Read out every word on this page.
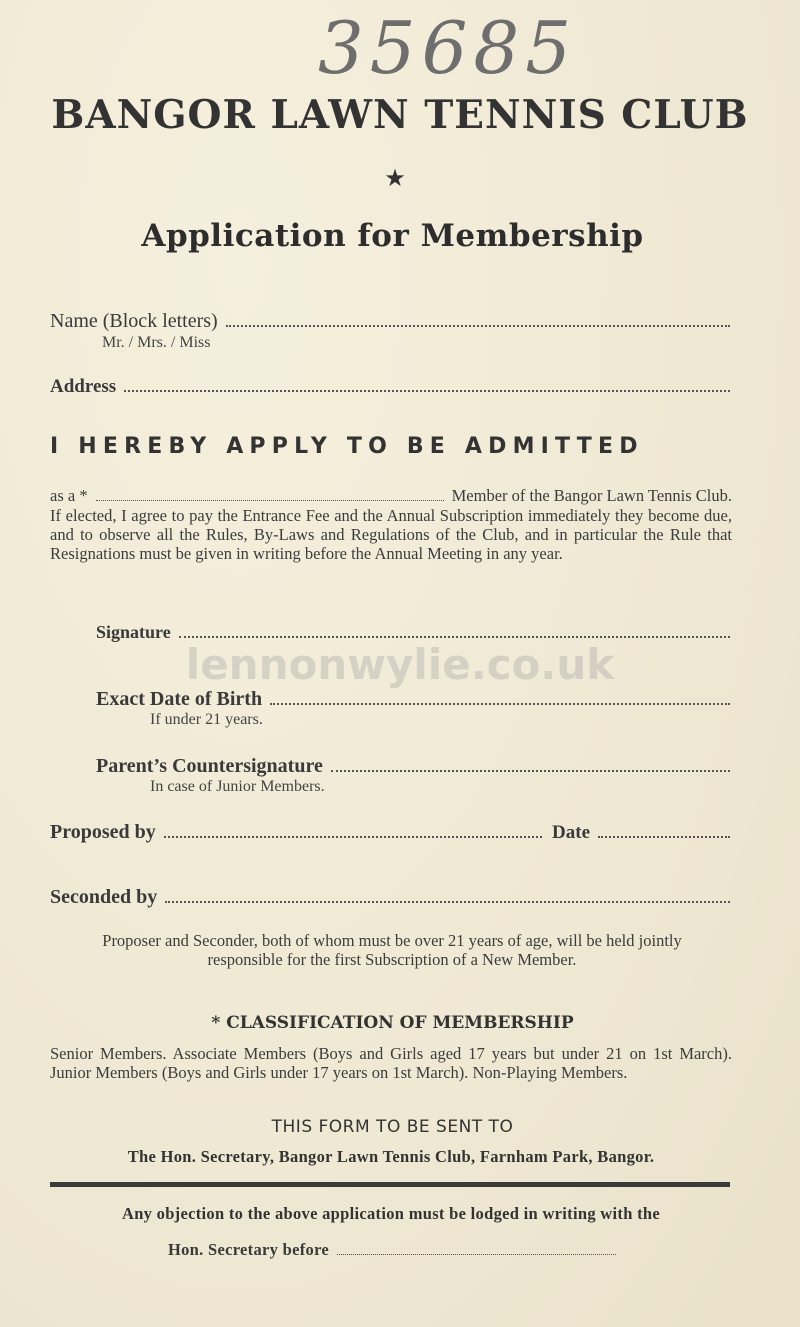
35685
BANGOR LAWN TENNIS CLUB
★
Application for Membership
Name (Block letters)
Mr. / Mrs. / Miss
Address
I HEREBY APPLY TO BE ADMITTED
as a *	Member of the Bangor Lawn Tennis Club.
If elected, I agree to pay the Entrance Fee and the Annual Subscription immediately they become due, and to observe all the Rules, By-Laws and Regulations of the Club, and in particular the Rule that Resignations must be given in writing before the Annual Meeting in any year.
Signature
lennonwylie.co.uk
Exact Date of Birth
If under 21 years.
Parent’s Countersignature
In case of Junior Members.
Proposed by	Date
Seconded by
Proposer and Seconder, both of whom must be over 21 years of age, will be held jointly responsible for the first Subscription of a New Member.
* CLASSIFICATION OF MEMBERSHIP
Senior Members. Associate Members (Boys and Girls aged 17 years but under 21 on 1st March). Junior Members (Boys and Girls under 17 years on 1st March). Non-Playing Members.
THIS FORM TO BE SENT TO
The Hon. Secretary, Bangor Lawn Tennis Club, Farnham Park, Bangor.
Any objection to the above application must be lodged in writing with the
Hon. Secretary before
